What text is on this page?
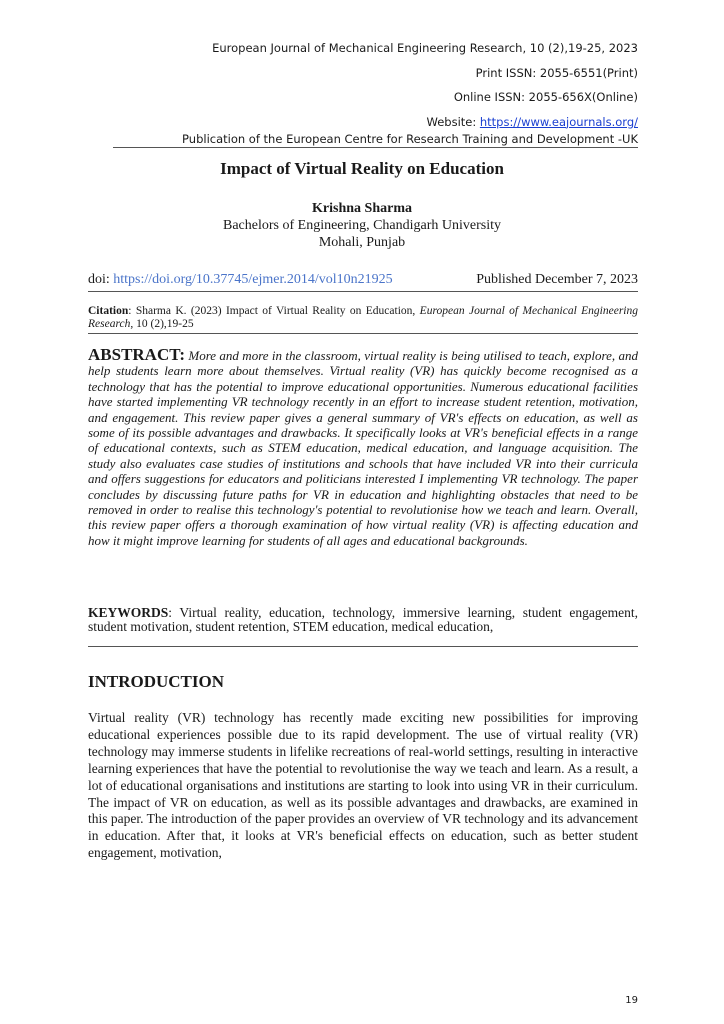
European Journal of Mechanical Engineering Research, 10 (2),19-25, 2023
Print ISSN: 2055-6551(Print)
Online ISSN: 2055-656X(Online)
Website: https://www.eajournals.org/
Publication of the European Centre for Research Training and Development -UK
Impact of Virtual Reality on Education
Krishna Sharma
Bachelors of Engineering, Chandigarh University
Mohali, Punjab
doi: https://doi.org/10.37745/ejmer.2014/vol10n21925	Published December 7, 2023
Citation: Sharma K. (2023) Impact of Virtual Reality on Education, European Journal of Mechanical Engineering Research, 10 (2),19-25
ABSTRACT: More and more in the classroom, virtual reality is being utilised to teach, explore, and help students learn more about themselves. Virtual reality (VR) has quickly become recognised as a technology that has the potential to improve educational opportunities. Numerous educational facilities have started implementing VR technology recently in an effort to increase student retention, motivation, and engagement. This review paper gives a general summary of VR's effects on education, as well as some of its possible advantages and drawbacks. It specifically looks at VR's beneficial effects in a range of educational contexts, such as STEM education, medical education, and language acquisition. The study also evaluates case studies of institutions and schools that have included VR into their curricula and offers suggestions for educators and politicians interested I implementing VR technology. The paper concludes by discussing future paths for VR in education and highlighting obstacles that need to be removed in order to realise this technology's potential to revolutionise how we teach and learn. Overall, this review paper offers a thorough examination of how virtual reality (VR) is affecting education and how it might improve learning for students of all ages and educational backgrounds.
KEYWORDS: Virtual reality, education, technology, immersive learning, student engagement, student motivation, student retention, STEM education, medical education,
INTRODUCTION
Virtual reality (VR) technology has recently made exciting new possibilities for improving educational experiences possible due to its rapid development. The use of virtual reality (VR) technology may immerse students in lifelike recreations of real-world settings, resulting in interactive learning experiences that have the potential to revolutionise the way we teach and learn. As a result, a lot of educational organisations and institutions are starting to look into using VR in their curriculum. The impact of VR on education, as well as its possible advantages and drawbacks, are examined in this paper. The introduction of the paper provides an overview of VR technology and its advancement in education. After that, it looks at VR's beneficial effects on education, such as better student engagement, motivation,
19
